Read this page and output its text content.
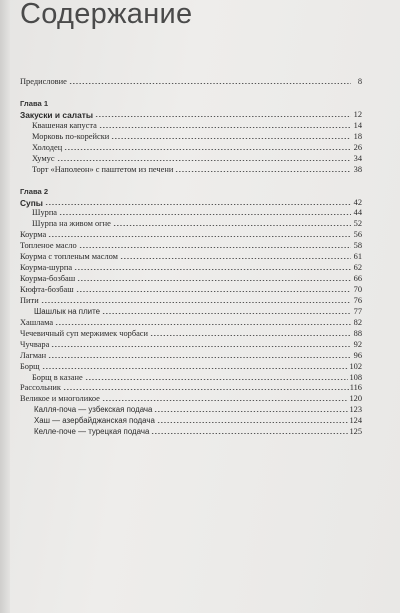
Содержание
Предисловие	8
Глава 1
Закуски и салаты	12
Квашеная капуста	14
Морковь по-корейски	18
Холодец	26
Хумус	34
Торт «Наполеон» с паштетом из печени	38
Глава 2
Супы	42
Шурпа	44
Шурпа на живом огне	52
Коурма	56
Топленое масло	58
Коурма с топленым маслом	61
Коурма-шурпа	62
Коурма-бозбаш	66
Кюфта-бозбаш	70
Пити	76
Шашлык на плите	77
Хашлама	82
Чечевичный суп мержимек чорбаси	88
Чучвара	92
Лагман	96
Борщ	102
Борщ в казане	108
Рассольник	116
Великое и многоликое	120
Калля-поча — узбекская подача	123
Хаш — азербайджанская подача	124
Келле-поче — турецкая подача	125
